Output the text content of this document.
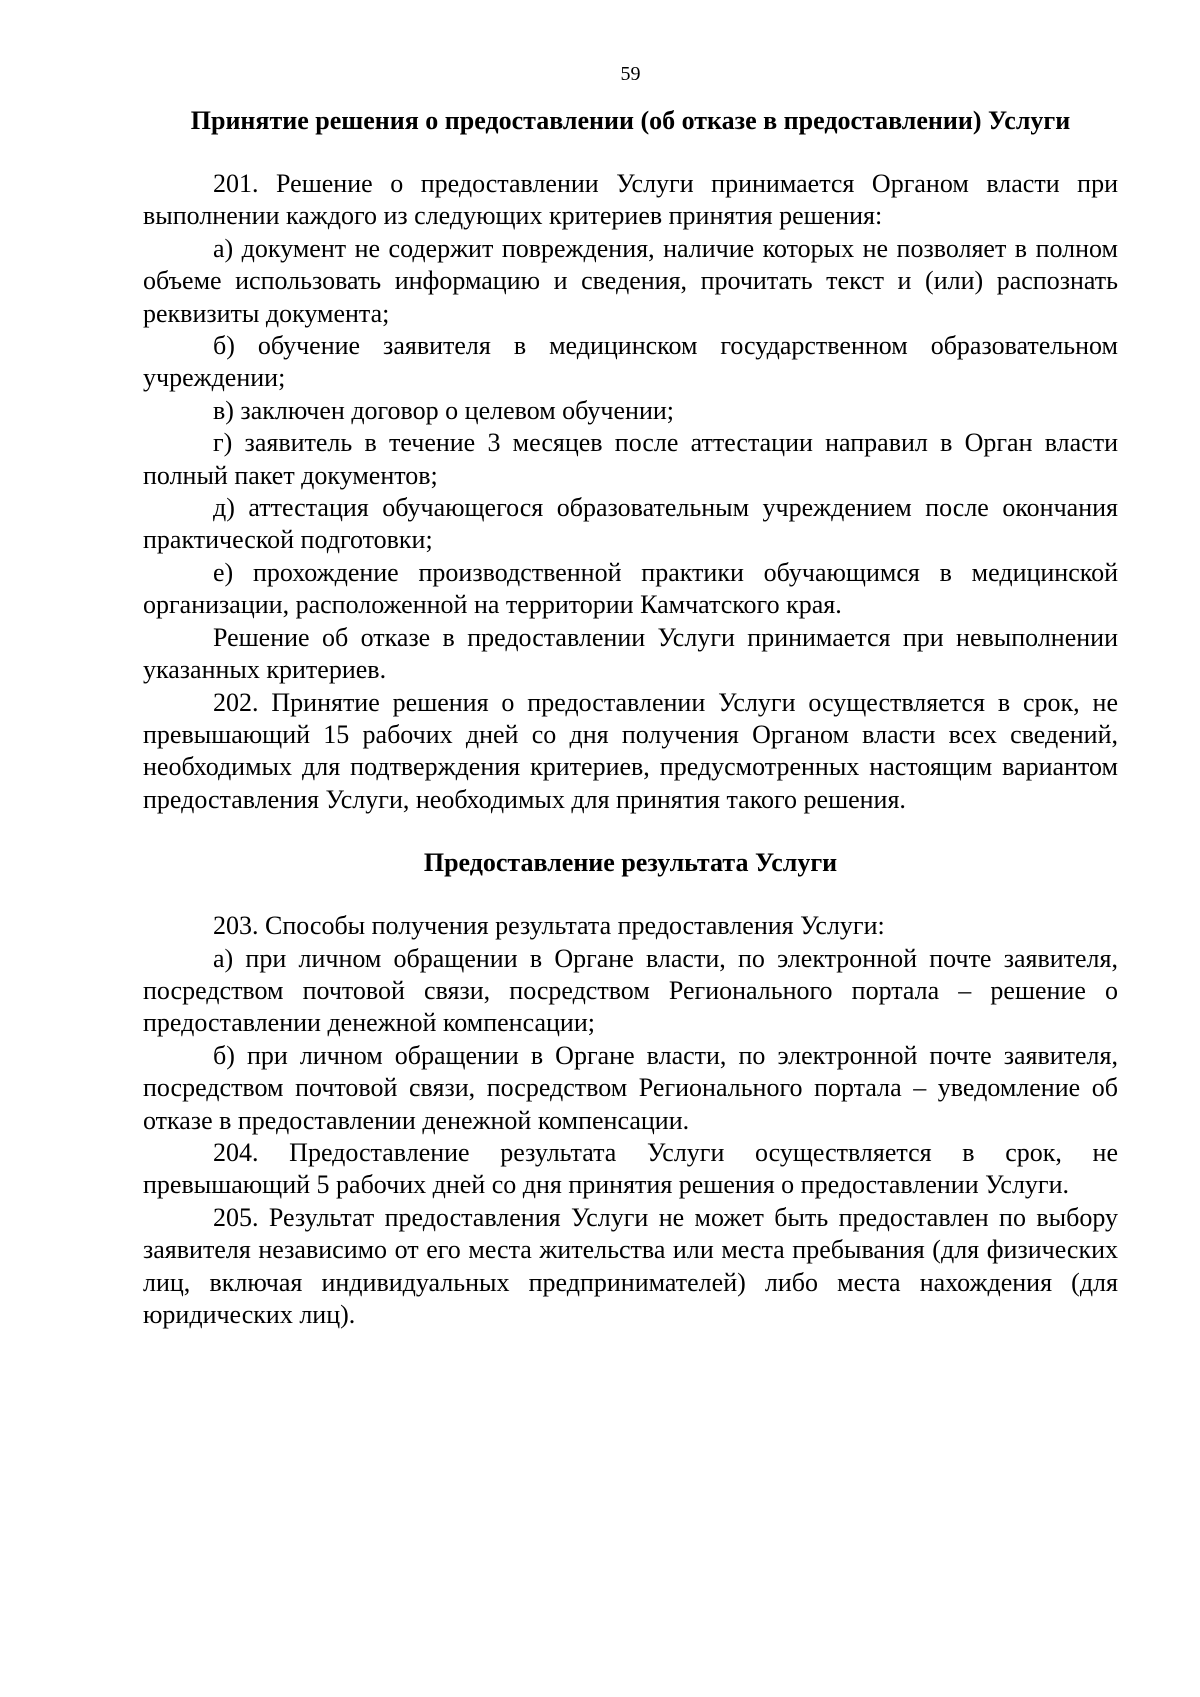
59
Принятие решения о предоставлении (об отказе в предоставлении) Услуги

201. Решение о предоставлении Услуги принимается Органом власти при выполнении каждого из следующих критериев принятия решения:

а) документ не содержит повреждения, наличие которых не позволяет в полном объеме использовать информацию и сведения, прочитать текст и (или) распознать реквизиты документа;

б) обучение заявителя в медицинском государственном образовательном учреждении;

в) заключен договор о целевом обучении;

г) заявитель в течение 3 месяцев после аттестации направил в Орган власти полный пакет документов;

д) аттестация обучающегося образовательным учреждением после окончания практической подготовки;

е) прохождение производственной практики обучающимся в медицинской организации, расположенной на территории Камчатского края.

Решение об отказе в предоставлении Услуги принимается при невыполнении указанных критериев.

202. Принятие решения о предоставлении Услуги осуществляется в срок, не превышающий 15 рабочих дней со дня получения Органом власти всех сведений, необходимых для подтверждения критериев, предусмотренных настоящим вариантом предоставления Услуги, необходимых для принятия такого решения.

Предоставление результата Услуги

203. Способы получения результата предоставления Услуги:

а) при личном обращении в Органе власти, по электронной почте заявителя, посредством почтовой связи, посредством Регионального портала – решение о предоставлении денежной компенсации;

б) при личном обращении в Органе власти, по электронной почте заявителя, посредством почтовой связи, посредством Регионального портала – уведомление об отказе в предоставлении денежной компенсации.

204. Предоставление результата Услуги осуществляется в срок, не превышающий 5 рабочих дней со дня принятия решения о предоставлении Услуги.

205. Результат предоставления Услуги не может быть предоставлен по выбору заявителя независимо от его места жительства или места пребывания (для физических лиц, включая индивидуальных предпринимателей) либо места нахождения (для юридических лиц).
